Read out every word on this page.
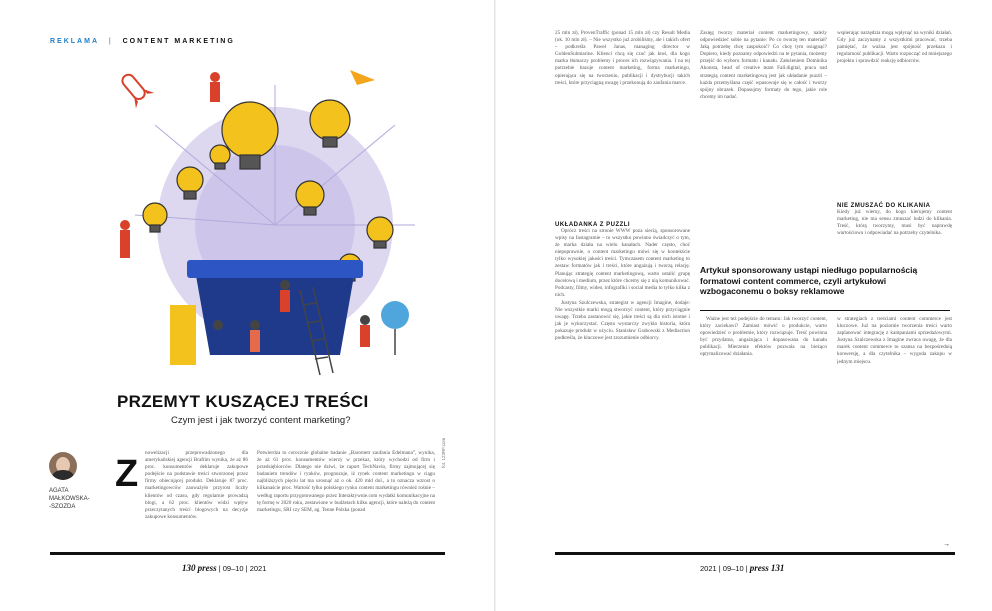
REKLAMA | CONTENT MARKETING
PRZEMYT KUSZĄCEJ TREŚCI
Czym jest i jak tworzyć content marketing?
AGATA
MAŁKOWSKA-
-SZOZDA
Z	nowelizacji przeprowadzonego dla amerykańskiej agencji Braftim wynika, że aż 86 proc. konsumentów deklaruje zakupowe podejście na podstawie treści stworzonej przez firmy obiecującej produkt. Deklaruje 87 proc. marketingowców zauważyło przyrost liczby klientów od czasu, gdy regularnie prowadzą blogi, a 62 proc. klientów widzi wpływ przeczytanych treści blogowych na decyzje zakupowe konsumentów.

Potwierdza to corocznie globalne badanie „Barometr zaufania Edelmana”, wynika, że aż 61 proc. konsumentów wierzy w przekaz, który wychodzi od firm i przedsiębiorców. Dlatego nie dziwi, że raport TechNavio, firmy zajmującej się badaniem trendów i rynków, prognozuje, iż rynek content marketingu w ciągu najbliższych pięciu lat ma urosnąć aż o ok. 420 mld dol., a to oznacza wzrost o kilkanaście proc. Wartość tylko polskiego rynku content marketingu również rośnie – według raportu przygotowanego przez Interaktywnie.com wydatki komunikacyjne na tę formę w 2020 roku, zestawione w budżetach kilku agencji, które należą do content marketingu, SRI czy SEM, ag. Tenne Polska (ponad

fot. 123RF.com
130 press | 09–10 | 2021

25 mln zł), ProvenTraffic (ponad 15 mln zł) czy Result Media (ok. 10 mln zł). – Nie wszystko już zrobiliśmy, ale i takich ofert – podkreśla Paweł Janas, managing director w GoldenSubmarine. Klienci chcą się czuć jak ktoś, dla kogo marka tłumaczy problemy i proces ich rozwiązywania. I na tej potrzebie bazuje content marketing, forma marketingu, opierająca się na tworzeniu, publikacji i dystrybucji takich treści, które przyciągną uwagę i przekonują do zaufania marce.

UKŁADANKA Z PUZZLI

Oprócz treści na stronie WWW poza siecią, sponsorowane wpisy na Instagramie – to wszystko powinno świadczyć o tym, że marka działa na wielu kanałach. Nader często, choć niepoprawnie, o content marketingu mówi się w kontekście tylko wysokiej jakości treści. Tymczasem content marketing to zestaw formatów jak i treści, które angażują i tworzą relację. Planując strategię content marketingową, warto ustalić grupę docelową i medium, przez które chcemy się z nią komunikować. Podcasty, filmy, wideo, infografiki i social media to tylko kilka z nich.

Justyna Szulczewska, strategist w agencji Imagine, dodaje: Nie wszystkie marki mogą stworzyć content, który przyciągnie uwagę. Trzeba zastanowić się, jakie treści są dla nich istotne i jak je wykorzystać. Często wystarczy zwykła historia, która pokazuje produkt w użyciu. Stanisław Grabowski z Mediaction podkreśla, że kluczowe jest zrozumienie odbiorcy.

Zasięg tworzy materiał content marketingowy, należy odpowiedzieć sobie na pytanie: Po co tworzę ten materiał? Jaką potrzebę chcę zaspokoić? Co chcę tym osiągnąć? Dopiero, kiedy poznamy odpowiedzi na te pytania, możemy przejść do wyboru formatu i kanału. Założeniem Dominika Akonsta, head of creative team Fall.digital, praca nad strategią content marketingową jest jak układanie puzzli – każda przemyślana część wpasowuje się w całość i tworzy spójny obrazek. Dopasujmy formaty do tego, jakie role chcemy im nadać.

wspierając narzędzia mogą wpłynąć na wyniki działań. Gdy już zaczynamy z wszystkimi pracować, trzeba pamiętać, że ważna jest spójność przekazu i regularność publikacji. Warto rozpocząć od mniejszego projektu i sprawdzić reakcję odbiorców.

NIE ZMUSZAĆ DO KLIKANIA

Kiedy już wiemy, do kogo kierujemy content marketing, nie ma sensu zmuszać ludzi do klikania. Treść, którą tworzymy, musi być naprawdę wartościowa i odpowiadać na potrzeby czytelnika.

Artykuł sponsorowany ustąpi niedługo popularnością formatowi content commerce, czyli artykułowi wzbogaconemu o boksy reklamowe

Ważne jest też podejście do tematu: Jak tworzyć content, który zaciekawi? Zamiast mówić o produkcie, warto opowiedzieć o problemie, który rozwiązuje. Treść powinna być przydatna, angażująca i dopasowana do kanału publikacji. Mierzenie efektów pozwala na bieżąco optymalizować działania.

w strategiach z treściami content commerce jest kluczowe. Już na poziomie tworzenia treści warto zaplanować integrację z kampaniami sprzedażowymi. Justyna Szulczewska z Imagine zwraca uwagę, że dla marek content commerce to szansa na bezpośrednią konwersję, a dla czytelnika – wygoda zakupu w jednym miejscu.

→
2021 | 09–10 | press 131
